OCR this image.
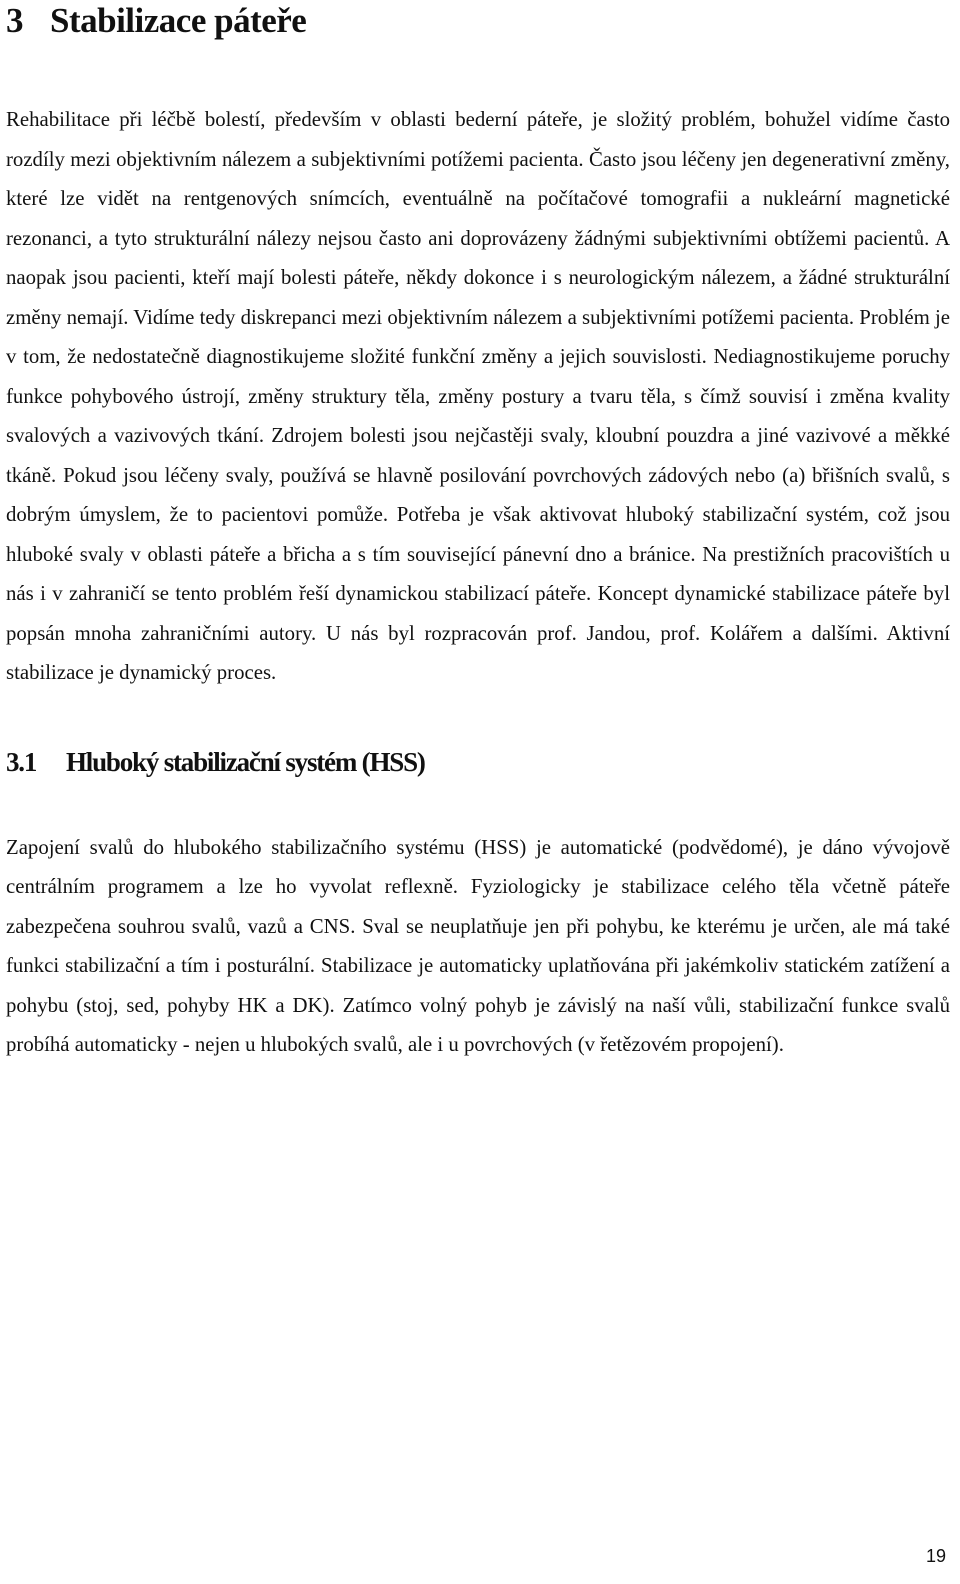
3 Stabilizace páteře

Rehabilitace při léčbě bolestí, především v oblasti bederní páteře, je složitý problém, bohužel vidíme často rozdíly mezi objektivním nálezem a subjektivními potížemi pacienta. Často jsou léčeny jen degenerativní změny, které lze vidět na rentgenových snímcích, eventuálně na počítačové tomografii a nukleární magnetické rezonanci, a tyto strukturální nálezy nejsou často ani doprovázeny žádnými subjektivními obtížemi pacientů. A naopak jsou pacienti, kteří mají bolesti páteře, někdy dokonce i s neurologickým nálezem, a žádné strukturální změny nemají. Vidíme tedy diskrepanci mezi objektivním nálezem a subjektivními potížemi pacienta. Problém je v tom, že nedostatečně diagnostikujeme složité funkční změny a jejich souvislosti. Nediagnostikujeme poruchy funkce pohybového ústrojí, změny struktury těla, změny postury a tvaru těla, s čímž souvisí i změna kvality svalových a vazivových tkání. Zdrojem bolesti jsou nejčastěji svaly, kloubní pouzdra a jiné vazivové a měkké tkáně. Pokud jsou léčeny svaly, používá se hlavně posilování povrchových zádových nebo (a) břišních svalů, s dobrým úmyslem, že to pacientovi pomůže. Potřeba je však aktivovat hluboký stabilizační systém, což jsou hluboké svaly v oblasti páteře a břicha a s tím související pánevní dno a bránice. Na prestižních pracovištích u nás i v zahraničí se tento problém řeší dynamickou stabilizací páteře. Koncept dynamické stabilizace páteře byl popsán mnoha zahraničními autory. U nás byl rozpracován prof. Jandou, prof. Kolářem a dalšími. Aktivní stabilizace je dynamický proces.

3.1 Hluboký stabilizační systém (HSS)

Zapojení svalů do hlubokého stabilizačního systému (HSS) je automatické (podvědomé), je dáno vývojově centrálním programem a lze ho vyvolat reflexně. Fyziologicky je stabilizace celého těla včetně páteře zabezpečena souhrou svalů, vazů a CNS. Sval se neuplatňuje jen při pohybu, ke kterému je určen, ale má také funkci stabilizační a tím i posturální. Stabilizace je automaticky uplatňována při jakémkoliv statickém zatížení a pohybu (stoj, sed, pohyby HK a DK). Zatímco volný pohyb je závislý na naší vůli, stabilizační funkce svalů probíhá automaticky - nejen u hlubokých svalů, ale i u povrchových (v řetězovém propojení).

19
